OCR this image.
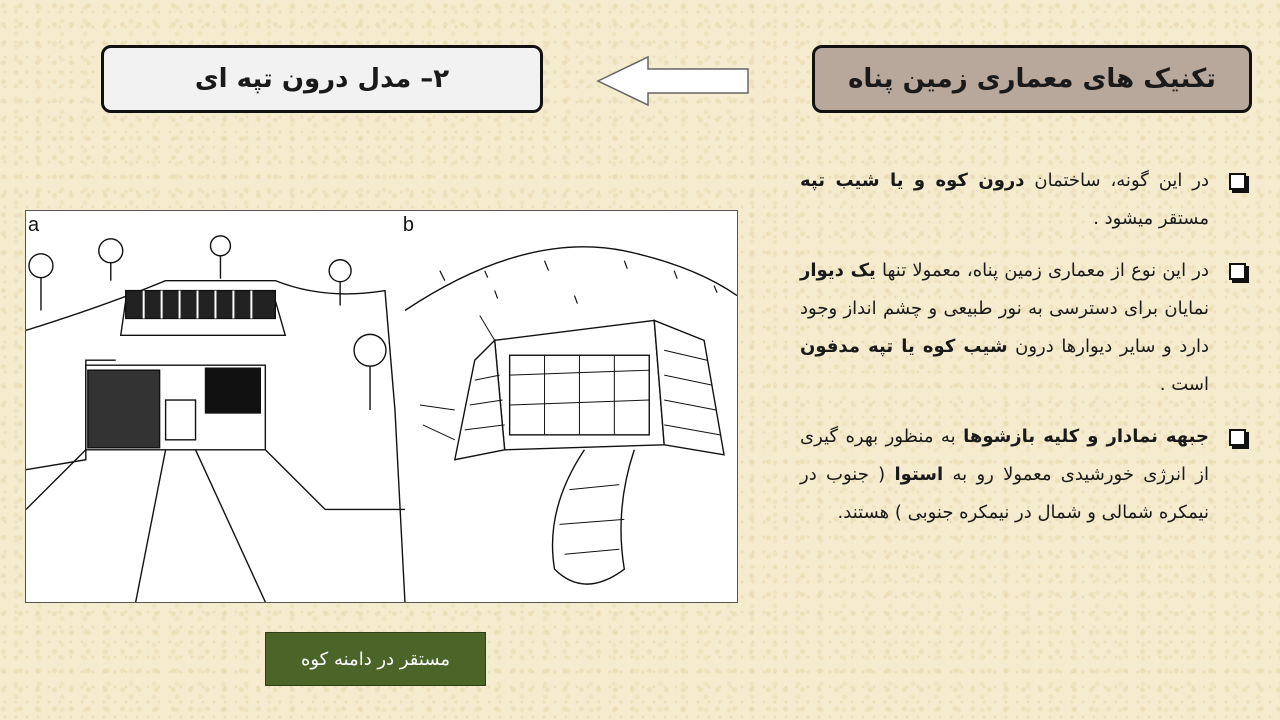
تکنیک های معماری زمین پناه
۲– مدل درون تپه ای
در این گونه، ساختمان درون کوه و یا شیب تپه مستقر میشود .
در این نوع از معماری زمین پناه، معمولا تنها یک دیوار نمایان برای دسترسی به نور طبیعی و چشم انداز وجود دارد و سایر دیوارها درون شیب کوه یا تپه مدفون است .
جبهه نمادار و کلیه بازشوها به منظور بهره گیری از انرژی خورشیدی معمولا رو به استوا ( جنوب در نیمکره شمالی و شمال در نیمکره جنوبی ) هستند.
a	b
مستقر در دامنه کوه
